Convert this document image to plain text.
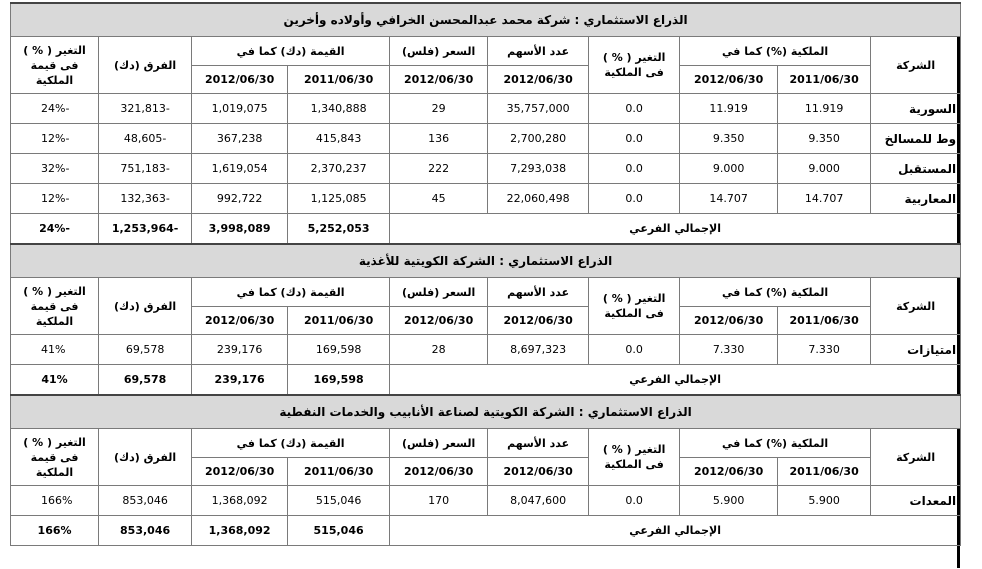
الذراع الاستثماري : شركة محمد عبدالمحسن الخرافي وأولاده وأخرين									
الشركة	الملكية (%) كما في		التغير ( % ) فى الملكية	عدد الأسهم	السعر (فلس)	القيمة (دك) كما في		الفرق (دك)	التغير ( % ) فى قيمة الملكية
	2011/06/30	2012/06/30		2012/06/30	2012/06/30	2011/06/30	2012/06/30		
السورية	11.919	11.919	0.0	35,757,000	29	1,340,888	1,019,075	-321,813	-24%
وط للمسالخ	9.350	9.350	0.0	2,700,280	136	415,843	367,238	-48,605	-12%
المستقبل	9.000	9.000	0.0	7,293,038	222	2,370,237	1,619,054	-751,183	-32%
المعاربية	14.707	14.707	0.0	22,060,498	45	1,125,085	992,722	-132,363	-12%
الإجمالي الفرعي						5,252,053	3,998,089	-1,253,964	-24%
الذراع الاستثماري : الشركة الكويتية للأغذية									
الشركة	الملكية (%) كما في		التغير ( % ) فى الملكية	عدد الأسهم	السعر (فلس)	القيمة (دك) كما في		الفرق (دك)	التغير ( % ) فى قيمة الملكية
	2011/06/30	2012/06/30		2012/06/30	2012/06/30	2011/06/30	2012/06/30		
امتيازات	7.330	7.330	0.0	8,697,323	28	169,598	239,176	69,578	41%
الإجمالي الفرعي						169,598	239,176	69,578	41%
الذراع الاستثماري : الشركة الكويتية لصناعة الأنابيب والخدمات النفطية									
الشركة	الملكية (%) كما في		التغير ( % ) فى الملكية	عدد الأسهم	السعر (فلس)	القيمة (دك) كما في		الفرق (دك)	التغير ( % ) فى قيمة الملكية
	2011/06/30	2012/06/30		2012/06/30	2012/06/30	2011/06/30	2012/06/30		
المعدات	5.900	5.900	0.0	8,047,600	170	515,046	1,368,092	853,046	166%
الإجمالي الفرعي						515,046	1,368,092	853,046	166%
